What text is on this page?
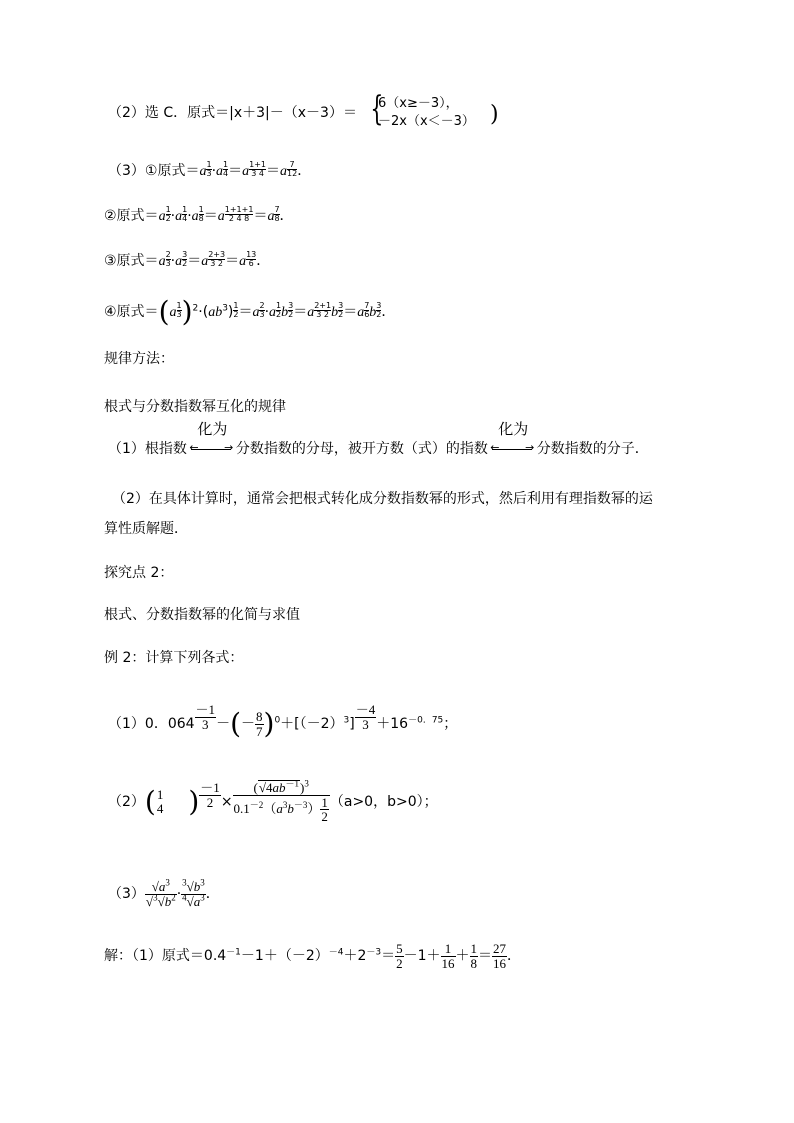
（2）选 C．原式＝|x＋3|－（x－3）＝ {
6（x≥－3），
－2x（x＜－3） )
（3）①原式$=a \frac{1}{3} \cdot a \frac{1}{4} =a \frac{1+1}{3 4} =a \frac{7}{12}$ ．
②原式$=a \frac{1}{2} \cdot a \frac{1}{4} \cdot a \frac{1}{8} =a \frac{1+1+1}{2 4 8} =a \frac{7}{8}$ ．
③原式$=a \frac{2}{3} \cdot a \frac{3}{2} =a \frac{2+3}{3 2} =a \frac{13}{6}$ ．
④原式$=(a \frac{1}{3} )^2\cdot(ab^3) \frac{1}{2} =a \frac{2}{3} \cdot a \frac{1}{2}$ b $\frac{3}{2} =a \frac{2+1}{3 2}$ b $\frac{3}{2} =a \frac{7}{6}$ b $\frac{3}{2}$ ．
规律方法：
根式与分数指数幂互化的规律
（1）根指数
化为
← → 分数指数的分母，被开方数（式）的指数
化为
← → 分数指数的分子．
（2）在具体计算时，通常会把根式转化成分数指数幂的形式，然后利用有理指数幂的运
算性质解题．
探究点 2：
根式、分数指数幂的化简与求值
例 2：计算下列各式：
（1）0．$064 \frac{-1}{3}$ －(－ $\frac{8}{7} )^0+[(-2)^3] \frac{-4}{3} +16^{-0.75}$；
（2）( 1
4 ) $\frac{-1}{2} \times \frac{(√4ab^{-1})^3}{0.1^{-2}(a^3b^{-3}) \frac{1}{2}} (a>0$，b>0）；
$(3) \frac{√a^3}{√^3√b^2} \cdot \frac{^3√b^3}{^4√a^3}$ ．
解：（1）原式$=0.4^{-1}-1+(-2)^{-4}+2^{-3}= \frac{5}{2} -1+ \frac{1}{16} + \frac{1}{8} = \frac{27}{16}$ ．
